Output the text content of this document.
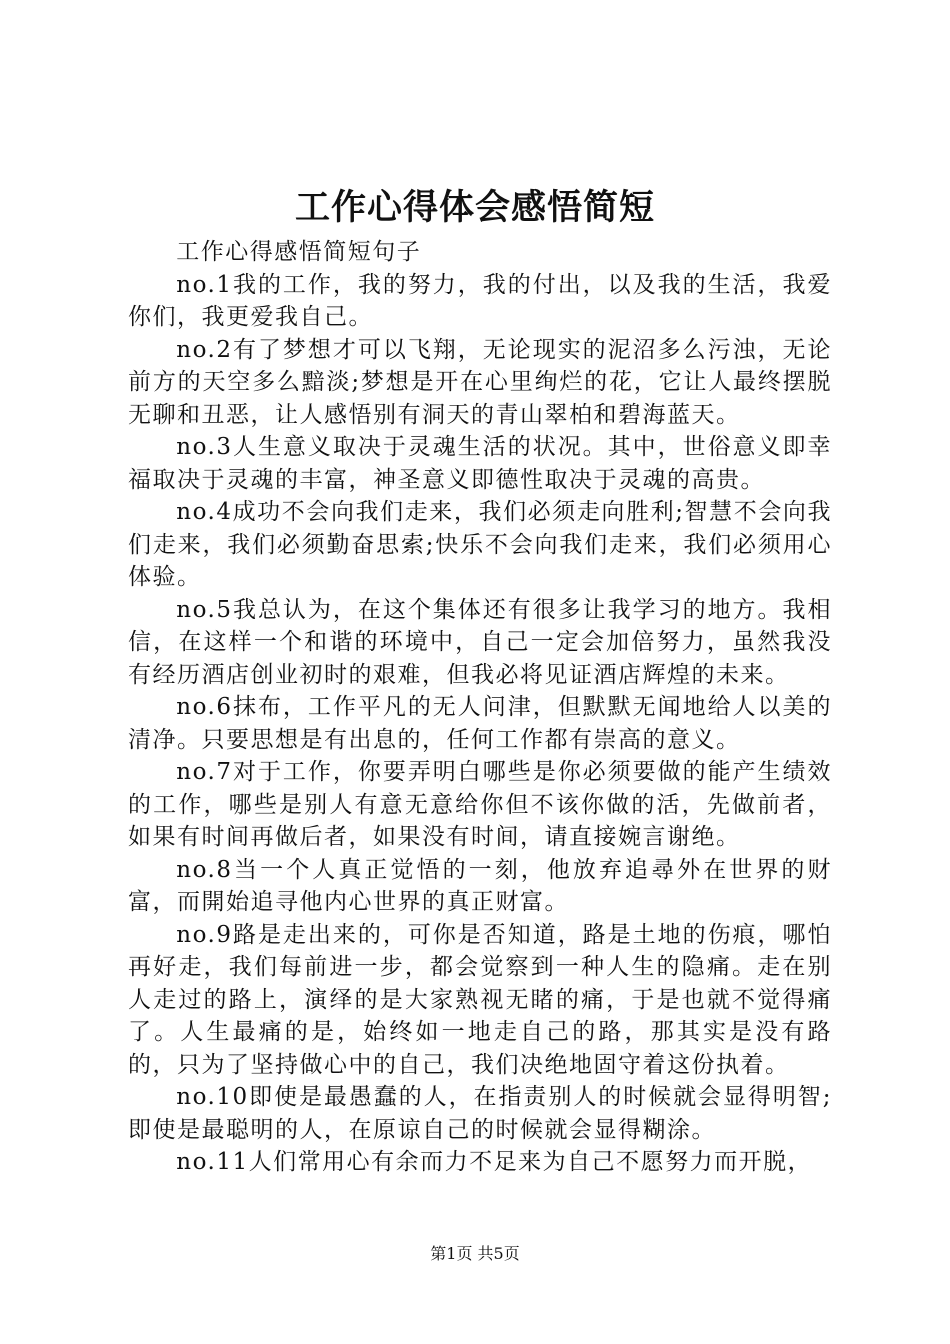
工作心得体会感悟简短

工作心得感悟简短句子

no.1我的工作，我的努力，我的付出，以及我的生活，我爱你们，我更爱我自己。

no.2有了梦想才可以飞翔，无论现实的泥沼多么污浊，无论前方的天空多么黯淡;梦想是开在心里绚烂的花，它让人最终摆脱无聊和丑恶，让人感悟别有洞天的青山翠柏和碧海蓝天。

no.3人生意义取决于灵魂生活的状况。其中，世俗意义即幸福取决于灵魂的丰富，神圣意义即德性取决于灵魂的高贵。

no.4成功不会向我们走来，我们必须走向胜利;智慧不会向我们走来，我们必须勤奋思索;快乐不会向我们走来，我们必须用心体验。

no.5我总认为，在这个集体还有很多让我学习的地方。我相信，在这样一个和谐的环境中，自己一定会加倍努力，虽然我没有经历酒店创业初时的艰难，但我必将见证酒店辉煌的未来。

no.6抹布，工作平凡的无人问津，但默默无闻地给人以美的清净。只要思想是有出息的，任何工作都有崇高的意义。

no.7对于工作，你要弄明白哪些是你必须要做的能产生绩效的工作，哪些是别人有意无意给你但不该你做的活，先做前者，如果有时间再做后者，如果没有时间，请直接婉言谢绝。

no.8当一个人真正觉悟的一刻，他放弃追尋外在世界的财富，而開始追寻他内心世界的真正财富。

no.9路是走出来的，可你是否知道，路是土地的伤痕，哪怕再好走，我们每前进一步，都会觉察到一种人生的隐痛。走在别人走过的路上，演绎的是大家熟视无睹的痛，于是也就不觉得痛了。人生最痛的是，始终如一地走自己的路，那其实是没有路的，只为了坚持做心中的自己，我们决绝地固守着这份执着。

no.10即使是最愚蠢的人，在指责别人的时候就会显得明智;即使是最聪明的人，在原谅自己的时候就会显得糊涂。

no.11人们常用心有余而力不足来为自己不愿努力而开脱，

第1页 共5页
